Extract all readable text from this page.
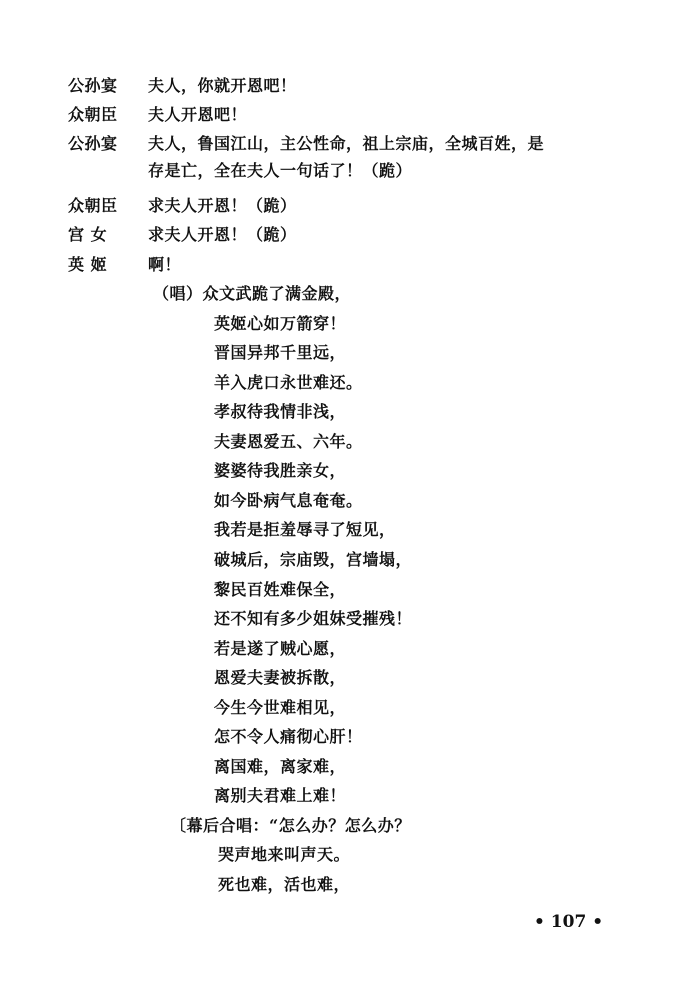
公孙宴 夫人，你就开恩吧！
众朝臣 夫人开恩吧！
公孙宴 夫人，鲁国江山，主公性命，祖上宗庙，全城百姓，是
存是亡，全在夫人一句话了！（跪）
众朝臣 求夫人开恩！（跪）
宫 女	求夫人开恩！（跪）
英 姬	啊！
（唱）众文武跪了满金殿，
英姬心如万箭穿！
晋国异邦千里远，
羊入虎口永世难还。
孝叔待我情非浅，
夫妻恩爱五、六年。
婆婆待我胜亲女，
如今卧病气息奄奄。
我若是拒羞辱寻了短见，
破城后，宗庙毁，宫墙塌，
黎民百姓难保全，
还不知有多少姐妹受摧残！
若是遂了贼心愿，
恩爱夫妻被拆散，
今生今世难相见，
怎不令人痛彻心肝！
离国难，离家难，
离别夫君难上难！
〔幕后合唱：“怎么办？怎么办？
哭声地来叫声天。
死也难，活也难，
• 107 •
